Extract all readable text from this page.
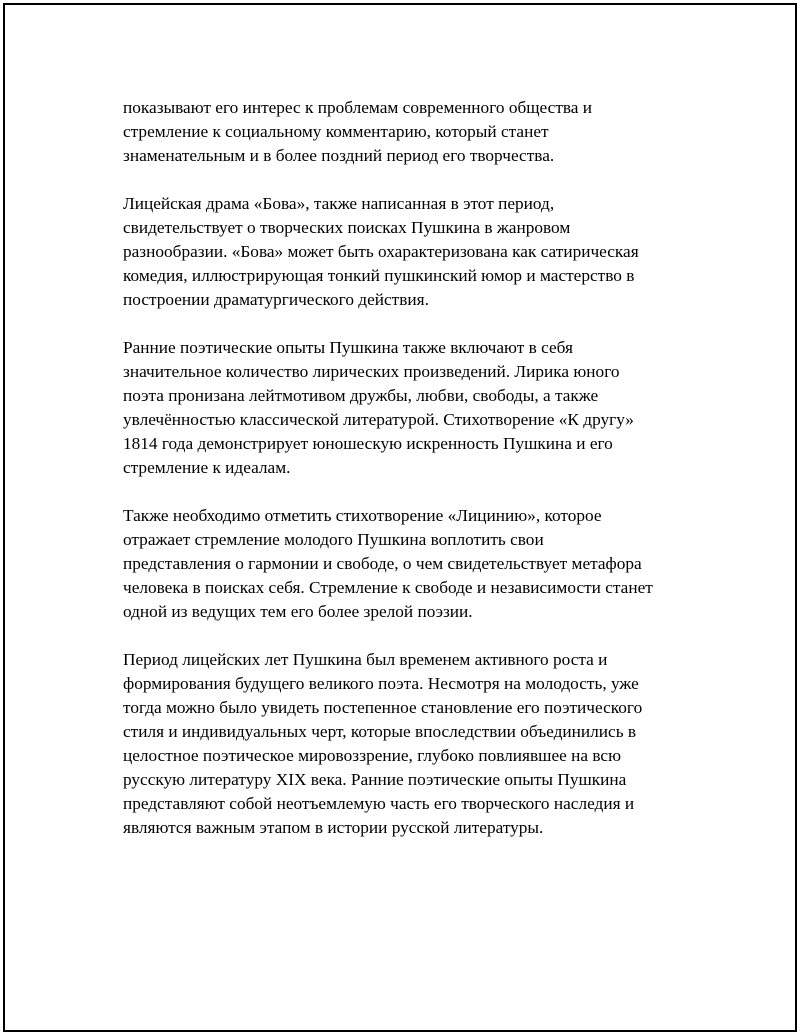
показывают его интерес к проблемам современного общества и
стремление к социальному комментарию, который станет
знаменательным и в более поздний период его творчества.

Лицейская драма «Бова», также написанная в этот период,
свидетельствует о творческих поисках Пушкина в жанровом
разнообразии. «Бова» может быть охарактеризована как сатирическая
комедия, иллюстрирующая тонкий пушкинский юмор и мастерство в
построении драматургического действия.

Ранние поэтические опыты Пушкина также включают в себя
значительное количество лирических произведений. Лирика юного
поэта пронизана лейтмотивом дружбы, любви, свободы, а также
увлечённостью классической литературой. Стихотворение «К другу»
1814 года демонстрирует юношескую искренность Пушкина и его
стремление к идеалам.

Также необходимо отметить стихотворение «Лицинию», которое
отражает стремление молодого Пушкина воплотить свои
представления о гармонии и свободе, о чем свидетельствует метафора
человека в поисках себя. Стремление к свободе и независимости станет
одной из ведущих тем его более зрелой поэзии.

Период лицейских лет Пушкина был временем активного роста и
формирования будущего великого поэта. Несмотря на молодость, уже
тогда можно было увидеть постепенное становление его поэтического
стиля и индивидуальных черт, которые впоследствии объединились в
целостное поэтическое мировоззрение, глубоко повлиявшее на всю
русскую литературу XIX века. Ранние поэтические опыты Пушкина
представляют собой неотъемлемую часть его творческого наследия и
являются важным этапом в истории русской литературы.
